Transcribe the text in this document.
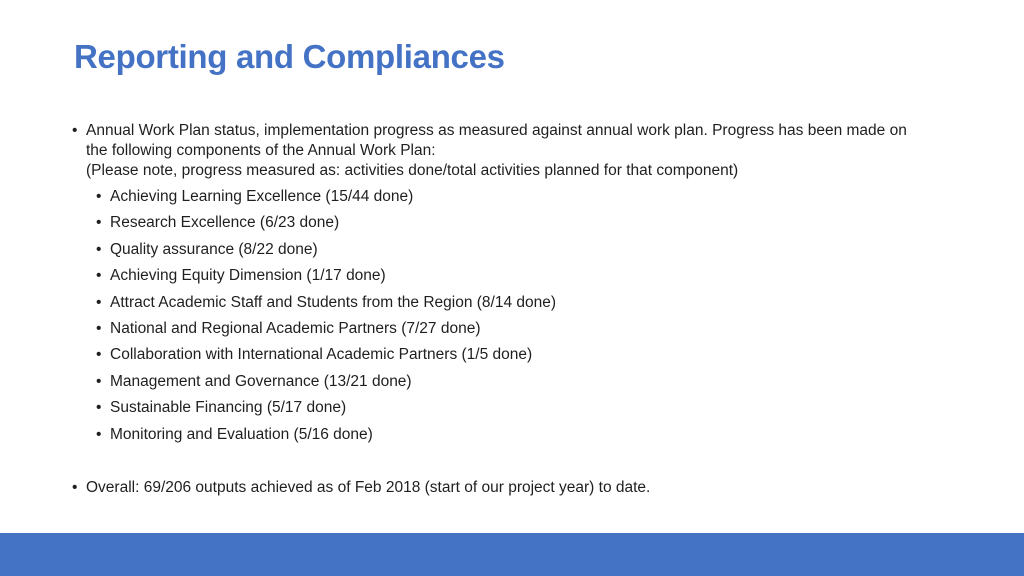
Reporting and Compliances
• Annual Work Plan status, implementation progress as measured against annual work plan. Progress has been made on the following components of the Annual Work Plan:

(Please note, progress measured as: activities done/total activities planned for that component)

• Achieving Learning Excellence (15/44 done)
• Research Excellence (6/23 done)
• Quality assurance (8/22 done)
• Achieving Equity Dimension (1/17 done)
• Attract Academic Staff and Students from the Region (8/14 done)
• National and Regional Academic Partners (7/27 done)
• Collaboration with International Academic Partners (1/5 done)
• Management and Governance (13/21 done)
• Sustainable Financing (5/17 done)
• Monitoring and Evaluation (5/16 done)
• Overall: 69/206 outputs achieved as of Feb 2018 (start of our project year) to date.
